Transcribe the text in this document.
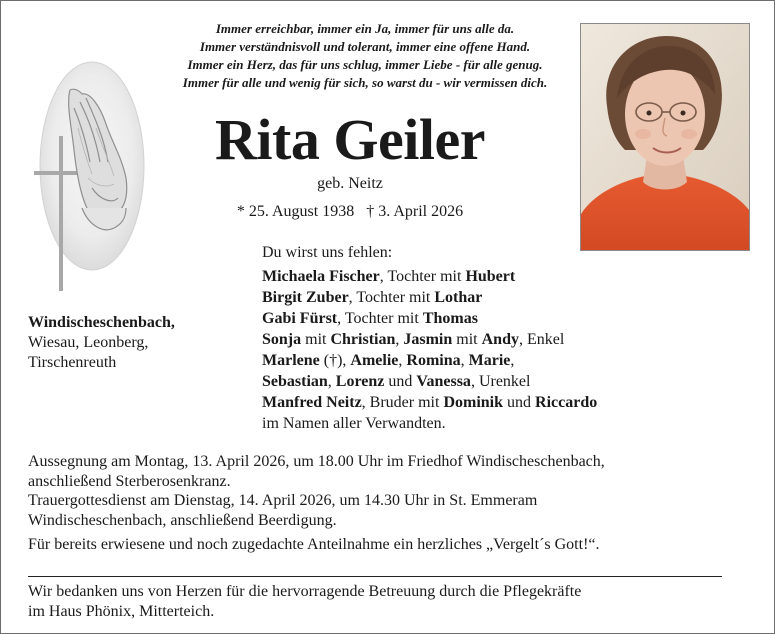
Immer erreichbar, immer ein Ja, immer für uns alle da.
Immer verständnisvoll und tolerant, immer eine offene Hand.
Immer ein Herz, das für uns schlug, immer Liebe - für alle genug.
Immer für alle und wenig für sich, so warst du - wir vermissen dich.
Rita Geiler
geb. Neitz
* 25. August 1938 † 3. April 2026
Windischeschenbach,
Wiesau, Leonberg,
Tirschenreuth
Du wirst uns fehlen:
Michaela Fischer, Tochter mit Hubert
Birgit Zuber, Tochter mit Lothar
Gabi Fürst, Tochter mit Thomas
Sonja mit Christian, Jasmin mit Andy, Enkel
Marlene (†), Amelie, Romina, Marie,
Sebastian, Lorenz und Vanessa, Urenkel
Manfred Neitz, Bruder mit Dominik und Riccardo
im Namen aller Verwandten.
Aussegnung am Montag, 13. April 2026, um 18.00 Uhr im Friedhof Windischeschenbach,
anschließend Sterberosenkranz.
Trauergottesdienst am Dienstag, 14. April 2026, um 14.30 Uhr in St. Emmeram
Windischeschenbach, anschließend Beerdigung.
Für bereits erwiesene und noch zugedachte Anteilnahme ein herzliches „Vergelt´s Gott!“.
Wir bedanken uns von Herzen für die hervorragende Betreuung durch die Pflegekräfte
im Haus Phönix, Mitterteich.
